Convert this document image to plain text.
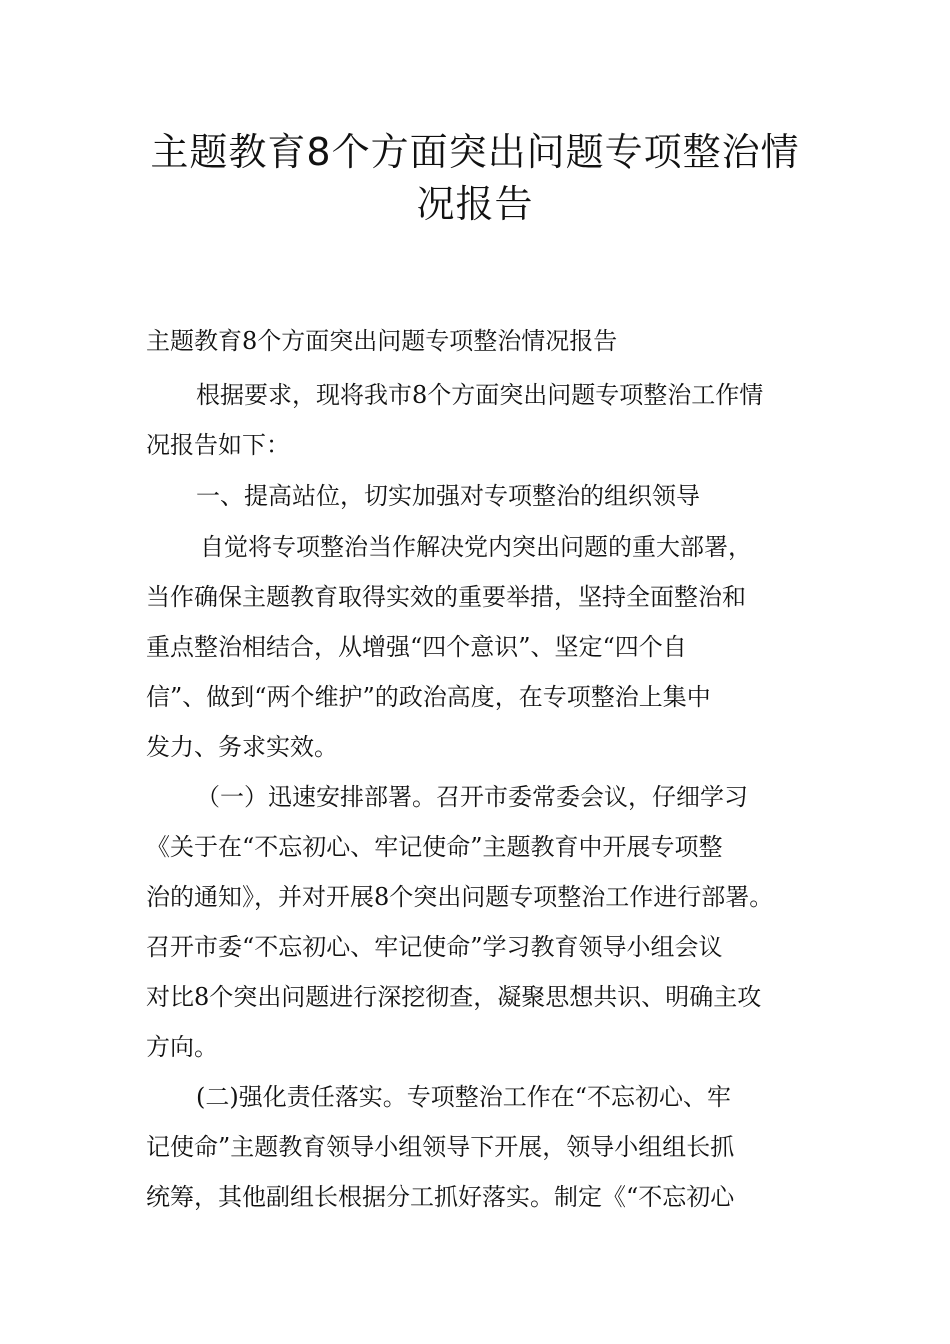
主题教育8个方面突出问题专项整治情
况报告
主题教育8个方面突出问题专项整治情况报告
根据要求，现将我市8个方面突出问题专项整治工作情
况报告如下：
一、提高站位，切实加强对专项整治的组织领导
自觉将专项整治当作解决党内突出问题的重大部署，
当作确保主题教育取得实效的重要举措，坚持全面整治和
重点整治相结合，从增强“四个意识”、坚定“四个自
信”、做到“两个维护”的政治高度，在专项整治上集中
发力、务求实效。
（一）迅速安排部署。召开市委常委会议，仔细学习
《关于在“不忘初心、牢记使命”主题教育中开展专项整
治的通知》，并对开展8个突出问题专项整治工作进行部署。
召开市委“不忘初心、牢记使命”学习教育领导小组会议
对比8个突出问题进行深挖彻查，凝聚思想共识、明确主攻
方向。
(二)强化责任落实。专项整治工作在“不忘初心、牢
记使命”主题教育领导小组领导下开展，领导小组组长抓
统筹，其他副组长根据分工抓好落实。制定《“不忘初心
